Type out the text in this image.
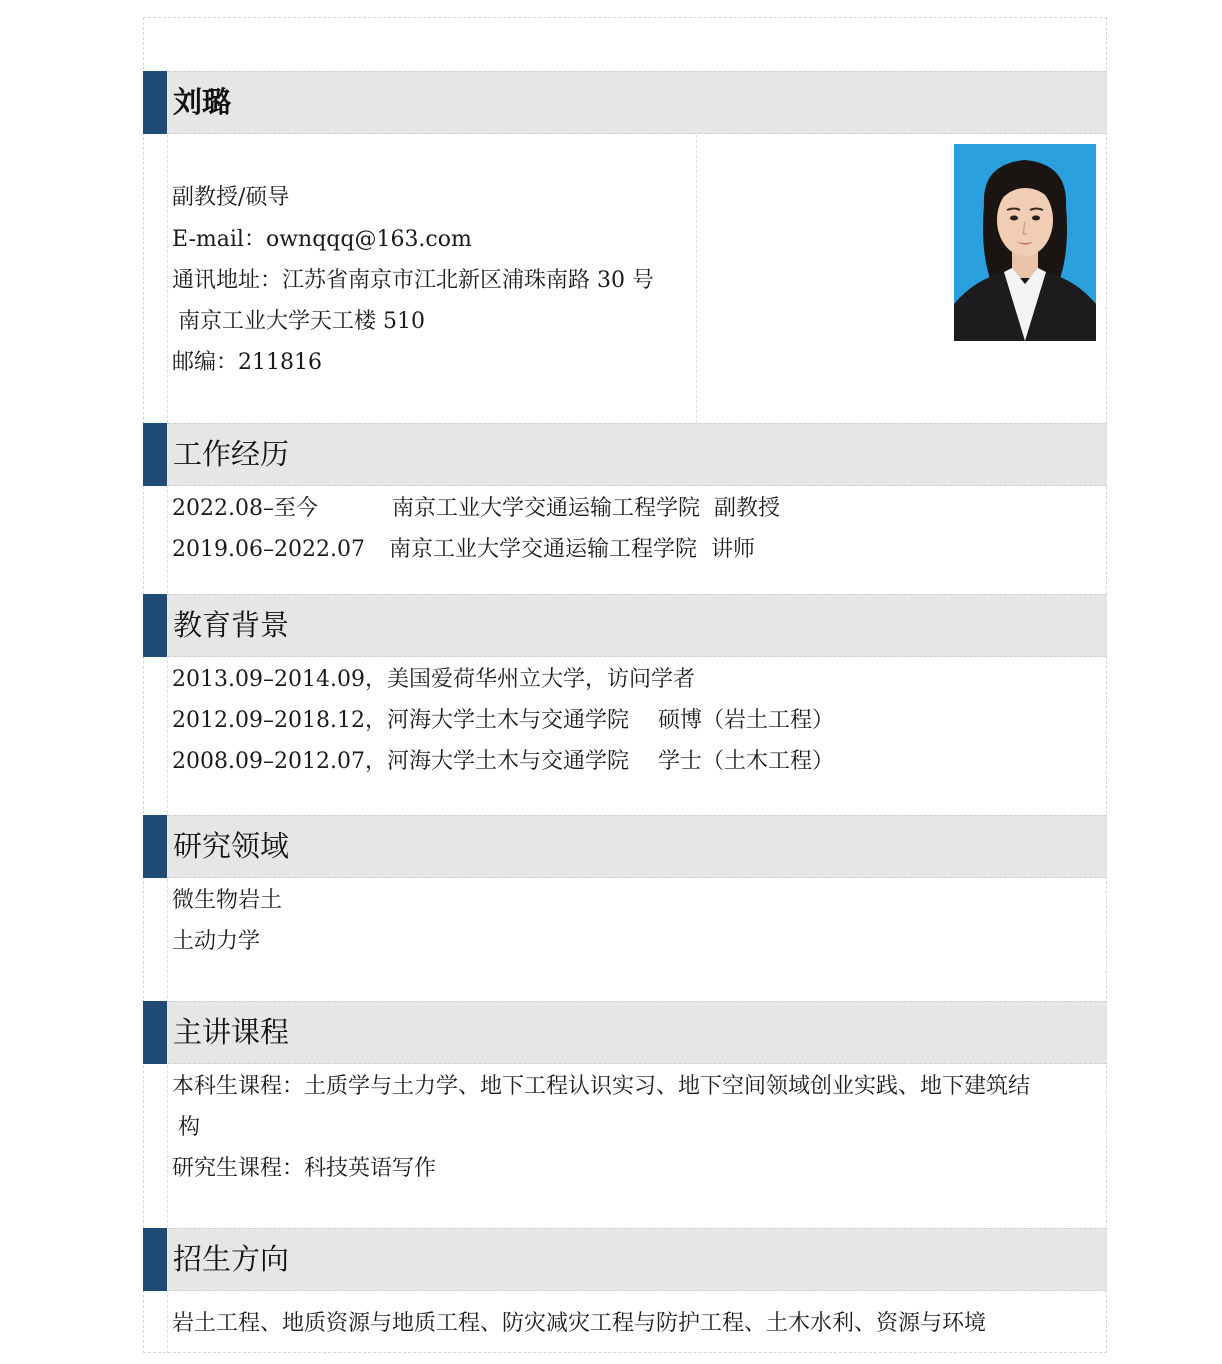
刘璐
副教授/硕导
E-mail：ownqqq@163.com
通讯地址：江苏省南京市江北新区浦珠南路 30 号
南京工业大学天工楼 510
邮编：211816
工作经历
2022.08–至今	南京工业大学交通运输工程学院 副教授
2019.06–2022.07 南京工业大学交通运输工程学院 讲师
教育背景
2013.09–2014.09，美国爱荷华州立大学，访问学者
2012.09–2018.12，河海大学土木与交通学院　 硕博（岩土工程）
2008.09–2012.07，河海大学土木与交通学院　 学士（土木工程）
研究领域
微生物岩土
土动力学
主讲课程
本科生课程：土质学与土力学、地下工程认识实习、地下空间领域创业实践、地下建筑结
构
研究生课程：科技英语写作
招生方向
岩土工程、地质资源与地质工程、防灾减灾工程与防护工程、土木水利、资源与环境
